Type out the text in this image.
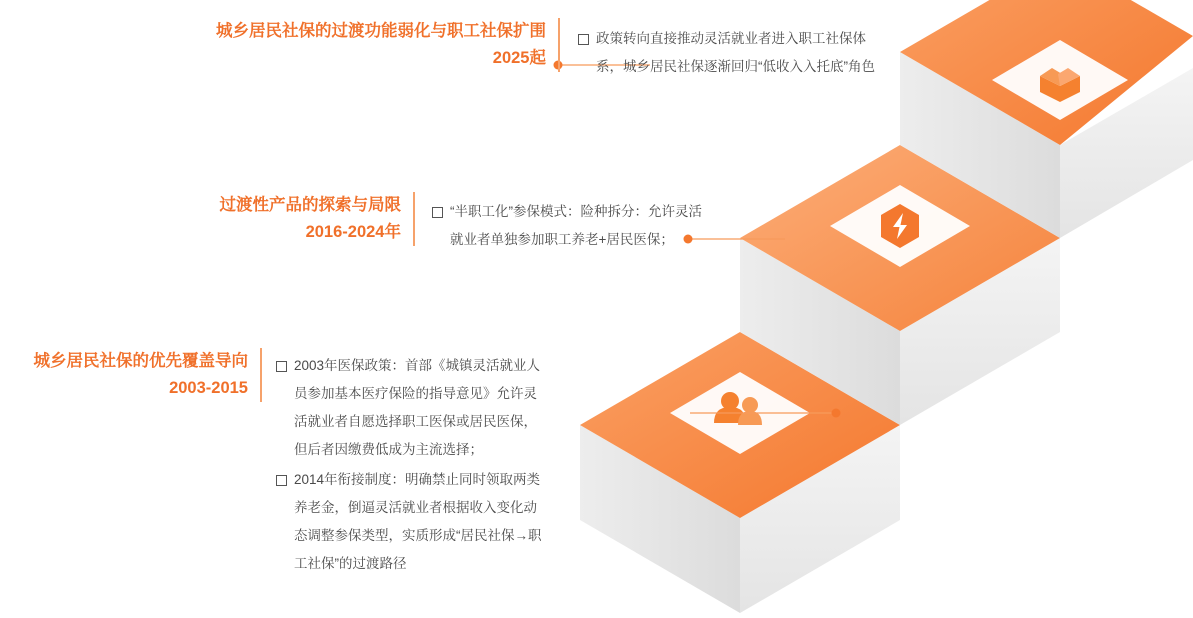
城乡居民社保的过渡功能弱化与职工社保扩围
2025起
政策转向直接推动灵活就业者进入职工社保体系，城乡居民社保逐渐回归“低收入入托底”角色
过渡性产品的探索与局限
2016-2024年
“半职工化”参保模式：险种拆分：允许灵活就业者单独参加职工养老+居民医保；
城乡居民社保的优先覆盖导向
2003-2015
2003年医保政策：首部《城镇灵活就业人员参加基本医疗保险的指导意见》允许灵活就业者自愿选择职工医保或居民医保，但后者因缴费低成为主流选择；
2014年衔接制度：明确禁止同时领取两类养老金，倒逼灵活就业者根据收入变化动态调整参保类型，实质形成“居民社保→职工社保”的过渡路径
